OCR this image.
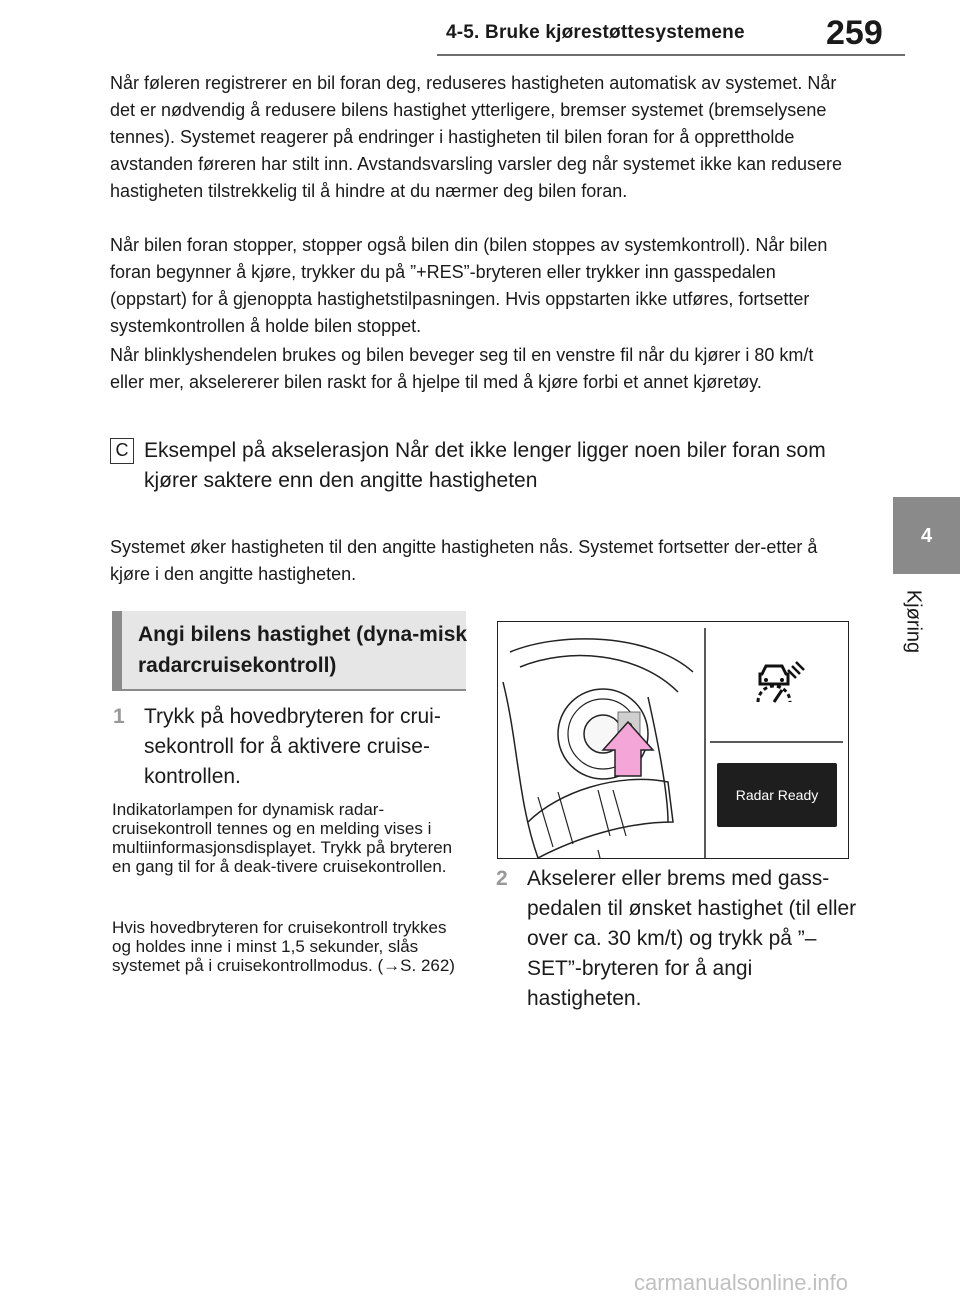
4-5. Bruke kjørestøttesystemene 259
4
Kjøring
Når føleren registrerer en bil foran deg, reduseres hastigheten automatisk av systemet. Når det er nødvendig å redusere bilens hastighet ytterligere, bremser systemet (bremselysene tennes). Systemet reagerer på endringer i hastigheten til bilen foran for å opprettholde avstanden føreren har stilt inn. Avstandsvarsling varsler deg når systemet ikke kan redusere hastigheten tilstrekkelig til å hindre at du nærmer deg bilen foran.
Når bilen foran stopper, stopper også bilen din (bilen stoppes av systemkontroll). Når bilen foran begynner å kjøre, trykker du på ”+RES”-bryteren eller trykker inn gasspedalen (oppstart) for å gjenoppta hastighetstilpasningen. Hvis oppstarten ikke utføres, fortsetter systemkontrollen å holde bilen stoppet.
Når blinklyshendelen brukes og bilen beveger seg til en venstre fil når du kjører i 80 km/t eller mer, akselererer bilen raskt for å hjelpe til med å kjøre forbi et annet kjøretøy.
C Eksempel på akselerasjon Når det ikke lenger ligger noen biler foran som kjører saktere enn den angitte hastigheten
Systemet øker hastigheten til den angitte hastigheten nås. Systemet fortsetter der-etter å kjøre i den angitte hastigheten.
Angi bilens hastighet (dyna-misk radarcruisekontroll)
1 Trykk på hovedbryteren for crui-sekontroll for å aktivere cruise-kontrollen.
Indikatorlampen for dynamisk radar-cruisekontroll tennes og en melding vises i multiinformasjonsdisplayet. Trykk på bryteren en gang til for å deak-tivere cruisekontrollen.
Hvis hovedbryteren for cruisekontroll trykkes og holdes inne i minst 1,5 sekunder, slås systemet på i cruisekontrollmodus. (→S. 262)
Radar Ready
2 Akselerer eller brems med gass-pedalen til ønsket hastighet (til eller over ca. 30 km/t) og trykk på ”–SET”-bryteren for å angi hastigheten.
carmanualsonline.info
